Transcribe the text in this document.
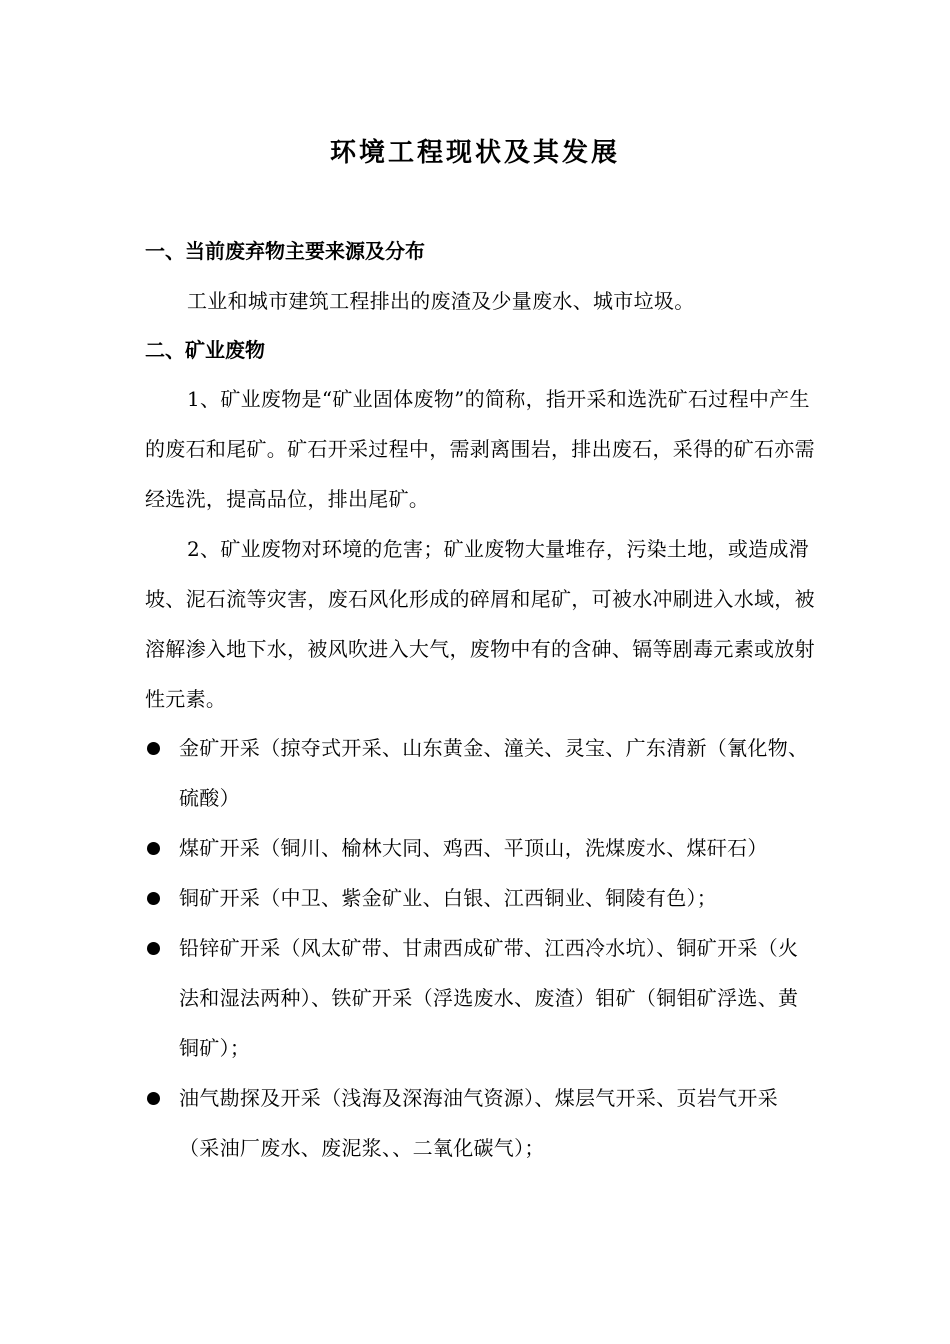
环境工程现状及其发展
一、当前废弃物主要来源及分布
工业和城市建筑工程排出的废渣及少量废水、城市垃圾。
二、矿业废物
1、矿业废物是“矿业固体废物”的简称，指开采和选洗矿石过程中产生的废石和尾矿。矿石开采过程中，需剥离围岩，排出废石，采得的矿石亦需经选洗，提高品位，排出尾矿。
2、矿业废物对环境的危害；矿业废物大量堆存，污染土地，或造成滑坡、泥石流等灾害，废石风化形成的碎屑和尾矿，可被水冲刷进入水域，被溶解渗入地下水，被风吹进入大气，废物中有的含砷、镉等剧毒元素或放射性元素。
金矿开采（掠夺式开采、山东黄金、潼关、灵宝、广东清新（氰化物、硫酸）
煤矿开采（铜川、榆林大同、鸡西、平顶山，洗煤废水、煤矸石）
铜矿开采（中卫、紫金矿业、白银、江西铜业、铜陵有色）；
铅锌矿开采（风太矿带、甘肃西成矿带、江西冷水坑）、铜矿开采（火法和湿法两种）、铁矿开采（浮选废水、废渣）钼矿（铜钼矿浮选、黄铜矿）；
油气勘探及开采（浅海及深海油气资源）、煤层气开采、页岩气开采（采油厂废水、废泥浆、、二氧化碳气）；
